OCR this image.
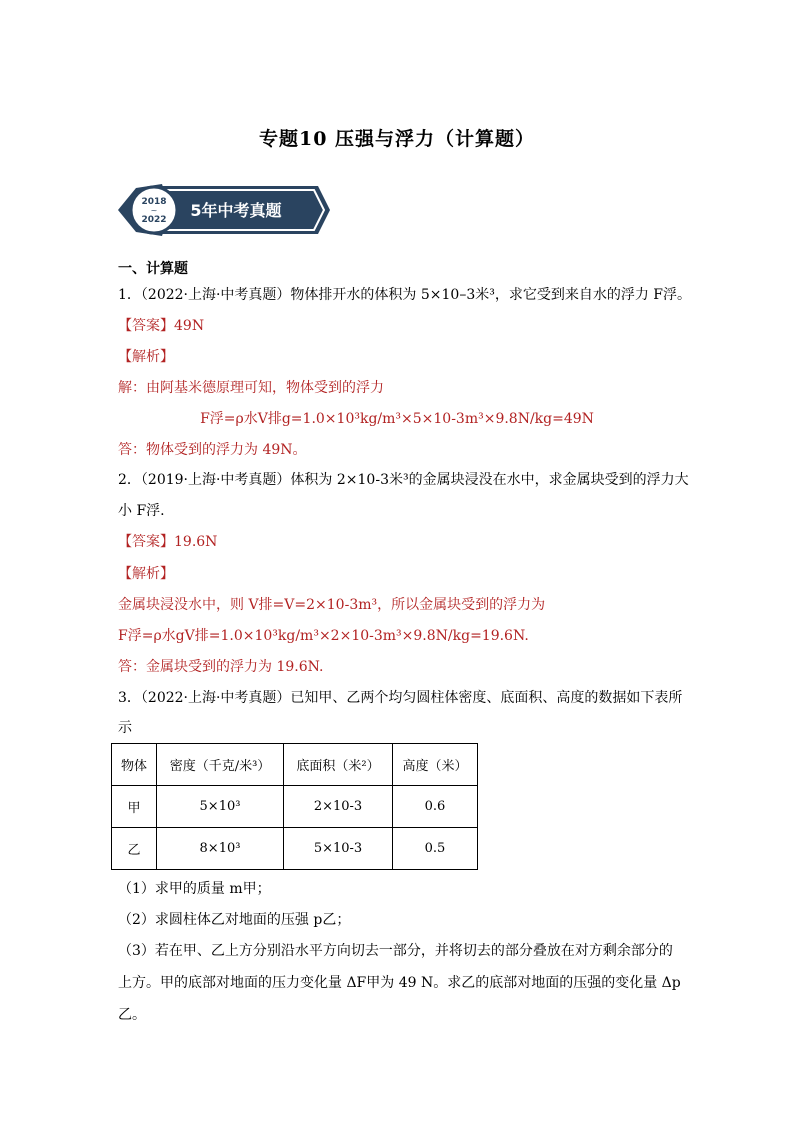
专题10 压强与浮力（计算题）
2018
~
2022 5年中考真题
一、计算题
1．（2022·上海·中考真题）物体排开水的体积为 5×10–3米³，求它受到来自水的浮力 F浮。
【答案】49N
【解析】
解：由阿基米德原理可知，物体受到的浮力
F浮=ρ水V排g=1.0×10³kg/m³×5×10-3m³×9.8N/kg=49N
答：物体受到的浮力为 49N。
2．（2019·上海·中考真题）体积为 2×10-3米³的金属块浸没在水中，求金属块受到的浮力大
小 F浮.
【答案】19.6N
【解析】
金属块浸没水中，则 V排=V=2×10-3m³，所以金属块受到的浮力为
F浮=ρ水gV排=1.0×10³kg/m³×2×10-3m³×9.8N/kg=19.6N.
答：金属块受到的浮力为 19.6N.
3．（2022·上海·中考真题）已知甲、乙两个均匀圆柱体密度、底面积、高度的数据如下表所
示
物体	密度（千克/米³）	底面积（米²）	高度（米）
甲	5×10³	2×10-3	0.6
乙	8×10³	5×10-3	0.5
（1）求甲的质量 m甲；
（2）求圆柱体乙对地面的压强 p乙；
（3）若在甲、乙上方分别沿水平方向切去一部分，并将切去的部分叠放在对方剩余部分的
上方。甲的底部对地面的压力变化量 ΔF甲为 49 N。求乙的底部对地面的压强的变化量 Δp
乙。
